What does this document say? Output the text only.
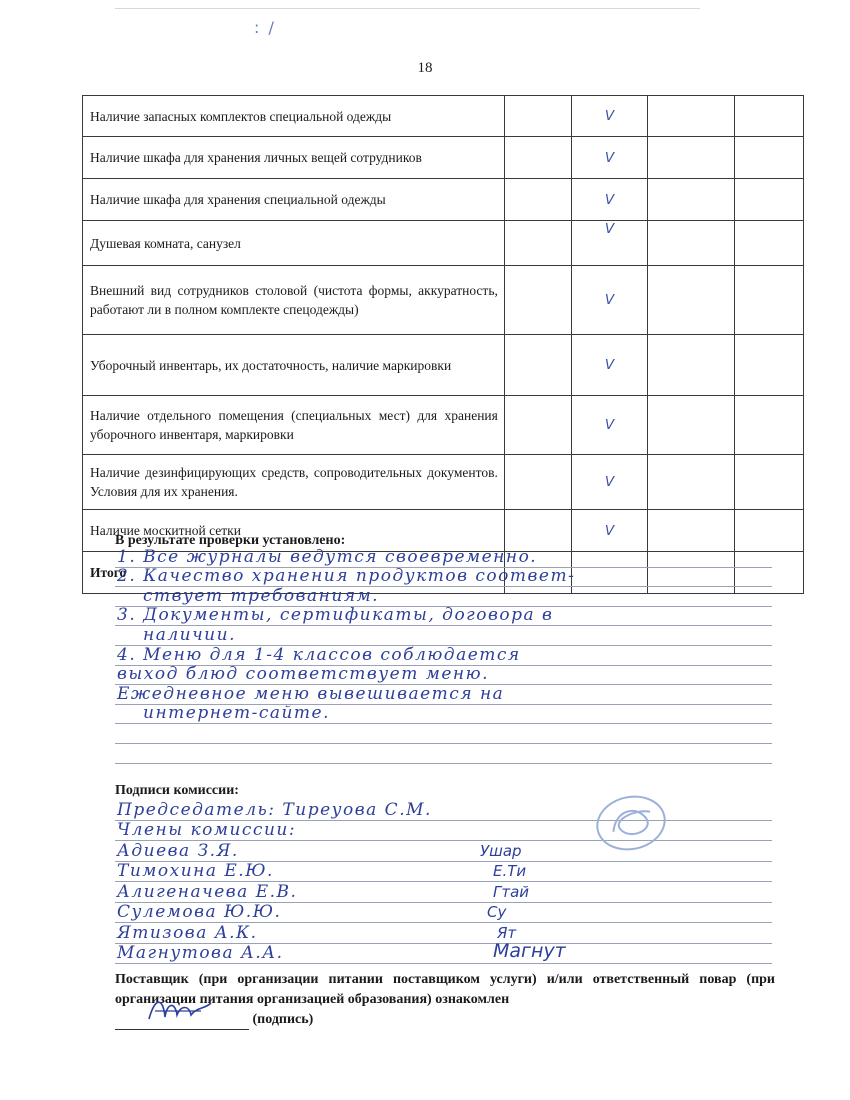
: /
18
Наличие запасных комплектов специальной одежды		V		
Наличие шкафа для хранения личных вещей сотрудников		V		
Наличие шкафа для хранения специальной одежды		V		
Душевая комната, санузел		V		
Внешний вид сотрудников столовой (чистота формы, аккуратность, работают ли в полном комплекте спецодежды)		V		
Уборочный инвентарь, их достаточность, наличие маркировки		V		
Наличие отдельного помещения (специальных мест) для хранения уборочного инвентаря, маркировки		V		
Наличие дезинфицирующих средств, сопроводительных документов. Условия для их хранения.		V		
Наличие москитной сетки		V		
Итого				
В результате проверки установлено:
1. Все журналы ведутся своевременно.
2. Качество хранения продуктов соответ-
ствует требованиям.
3. Документы, сертификаты, договора в
наличии.
4. Меню для 1-4 классов соблюдается
выход блюд соответствует меню.
Ежедневное меню вывешивается на
интернет-сайте.
Подписи комиссии:
Председатель: Тиреуова С.М.
Члены комиссии:
Адиева З.Я.	Ушар
Тимохина Е.Ю.	Е.Ти
Алигеначева Е.В.	Гтай
Сулемова Ю.Ю.	Су
Ятизова А.К.	Ят
Магнутова А.А.	Магнут
Поставщик (при организации питании поставщиком услуги) и/или ответственный повар (при организации питания организацией образования) ознакомлен

(подпись)
